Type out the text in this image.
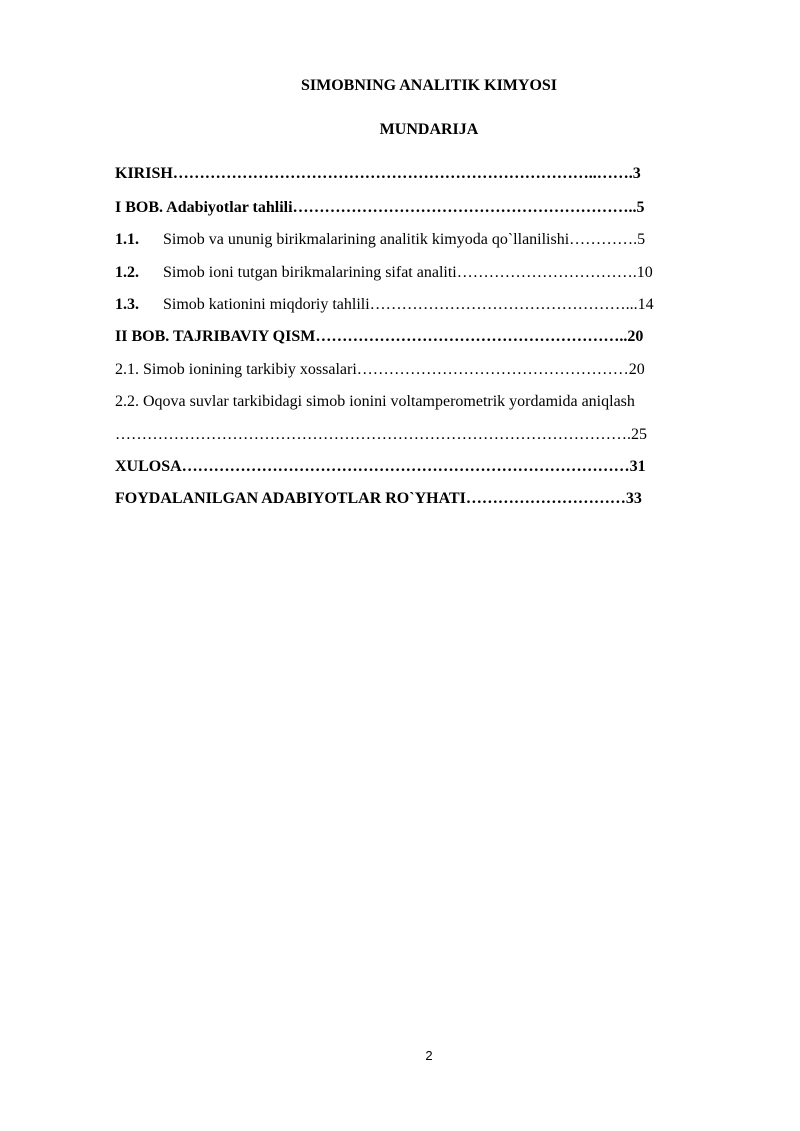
SIMOBNING ANALITIK KIMYOSI
MUNDARIJA
KIRISH……………………………………………………………………..…….3
I BOB. Adabiyotlar tahlili………………………………………………………..5
1.1. Simob va ununig birikmalarining analitik kimyoda qo`llanilishi………….5
1.2. Simob ioni tutgan birikmalarining sifat analiti…………………………….10
1.3. Simob kationini miqdoriy tahlili…………………………………………...14
II BOB. TAJRIBAVIY QISM…………………………………………………..20
2.1. Simob ionining tarkibiy xossalari……………………………………………20
2.2. Oqova suvlar tarkibidagi simob ionini voltamperometrik yordamida aniqlash
…………………………………………………………………………………….25
XULOSA…………………………………………………………………………31
FOYDALANILGAN ADABIYOTLAR RO`YHATI…………………………33
2
